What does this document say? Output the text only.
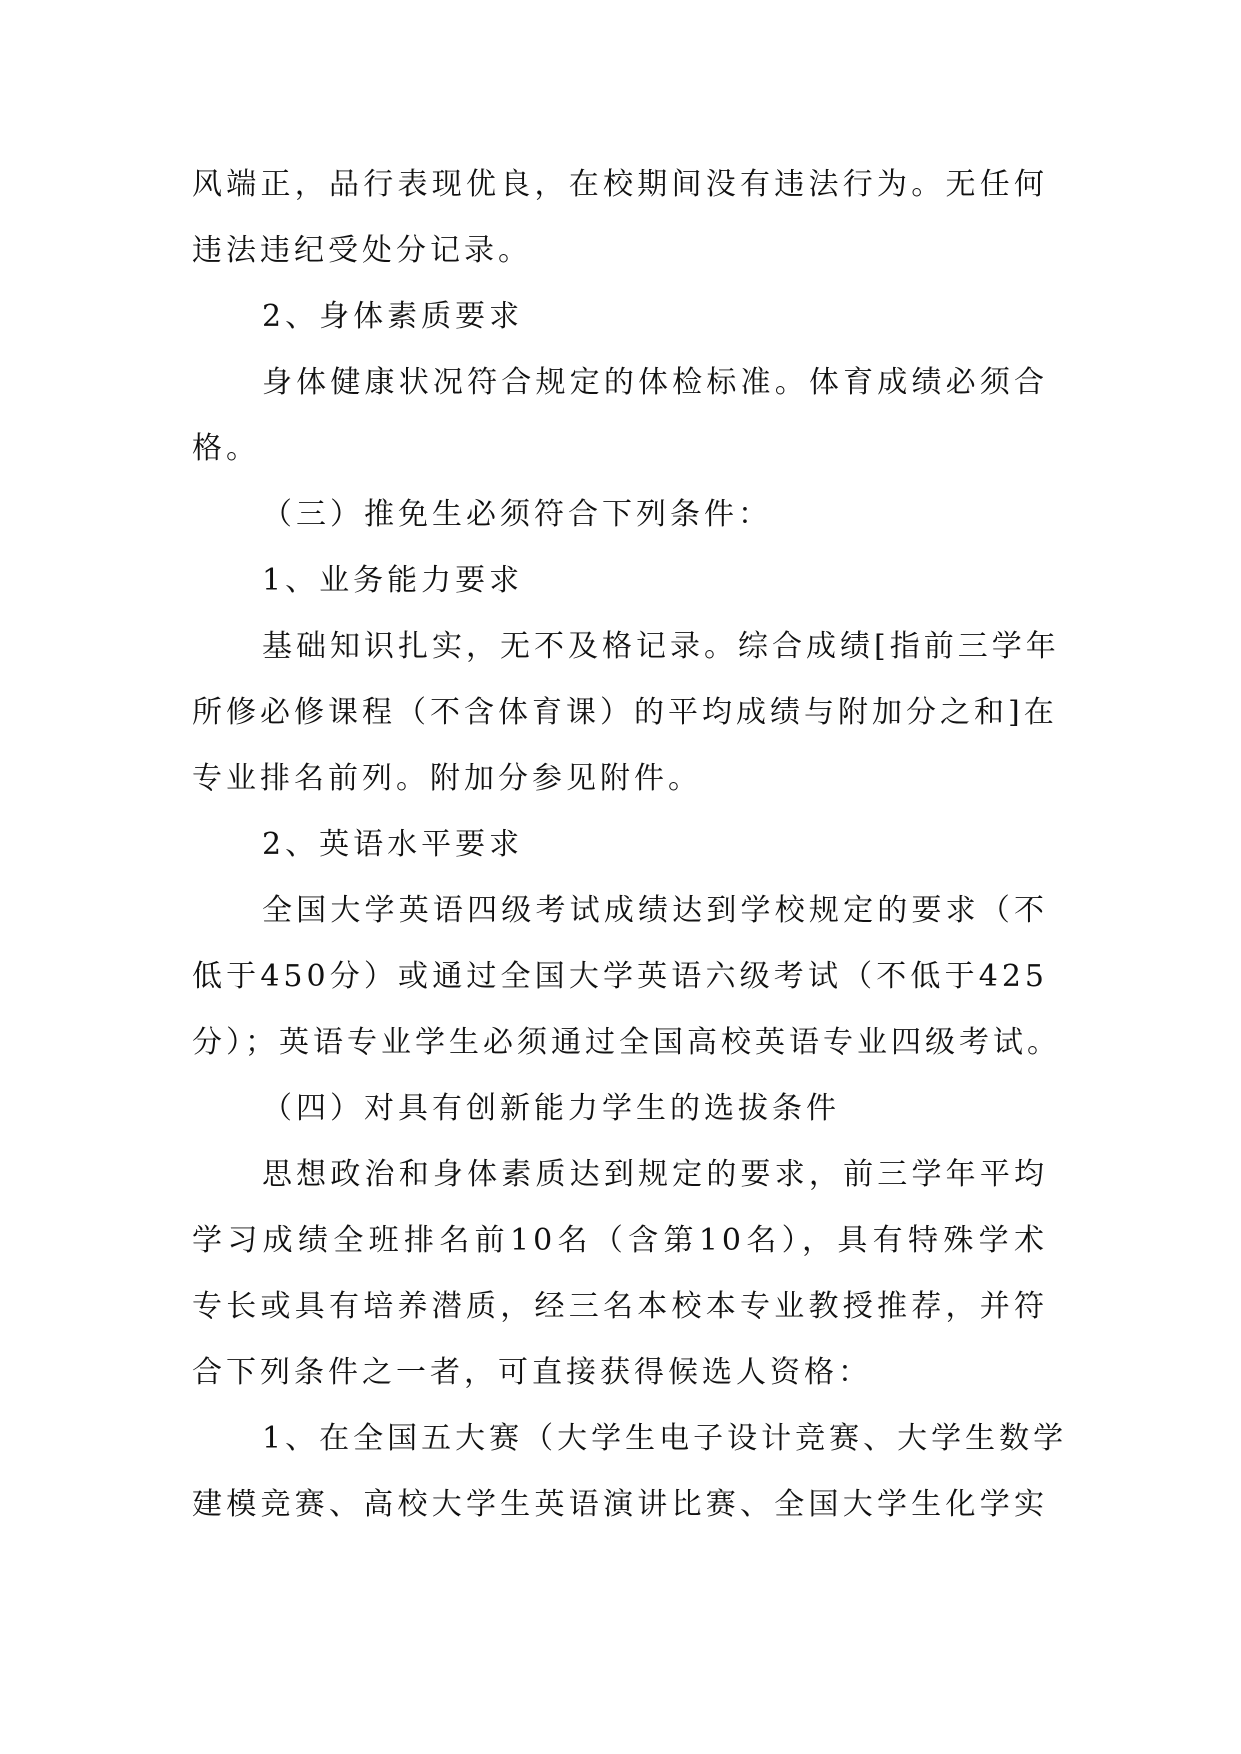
风端正，品行表现优良，在校期间没有违法行为。无任何
违法违纪受处分记录。
2、身体素质要求
身体健康状况符合规定的体检标准。体育成绩必须合
格。
（三）推免生必须符合下列条件：
1、业务能力要求
基础知识扎实，无不及格记录。综合成绩[指前三学年
所修必修课程（不含体育课）的平均成绩与附加分之和]在
专业排名前列。附加分参见附件。
2、英语水平要求
全国大学英语四级考试成绩达到学校规定的要求（不
低于450分）或通过全国大学英语六级考试（不低于425
分）；英语专业学生必须通过全国高校英语专业四级考试。
（四）对具有创新能力学生的选拔条件
思想政治和身体素质达到规定的要求，前三学年平均
学习成绩全班排名前10名（含第10名），具有特殊学术
专长或具有培养潜质，经三名本校本专业教授推荐，并符
合下列条件之一者，可直接获得候选人资格：
1、在全国五大赛（大学生电子设计竞赛、大学生数学
建模竞赛、高校大学生英语演讲比赛、全国大学生化学实
